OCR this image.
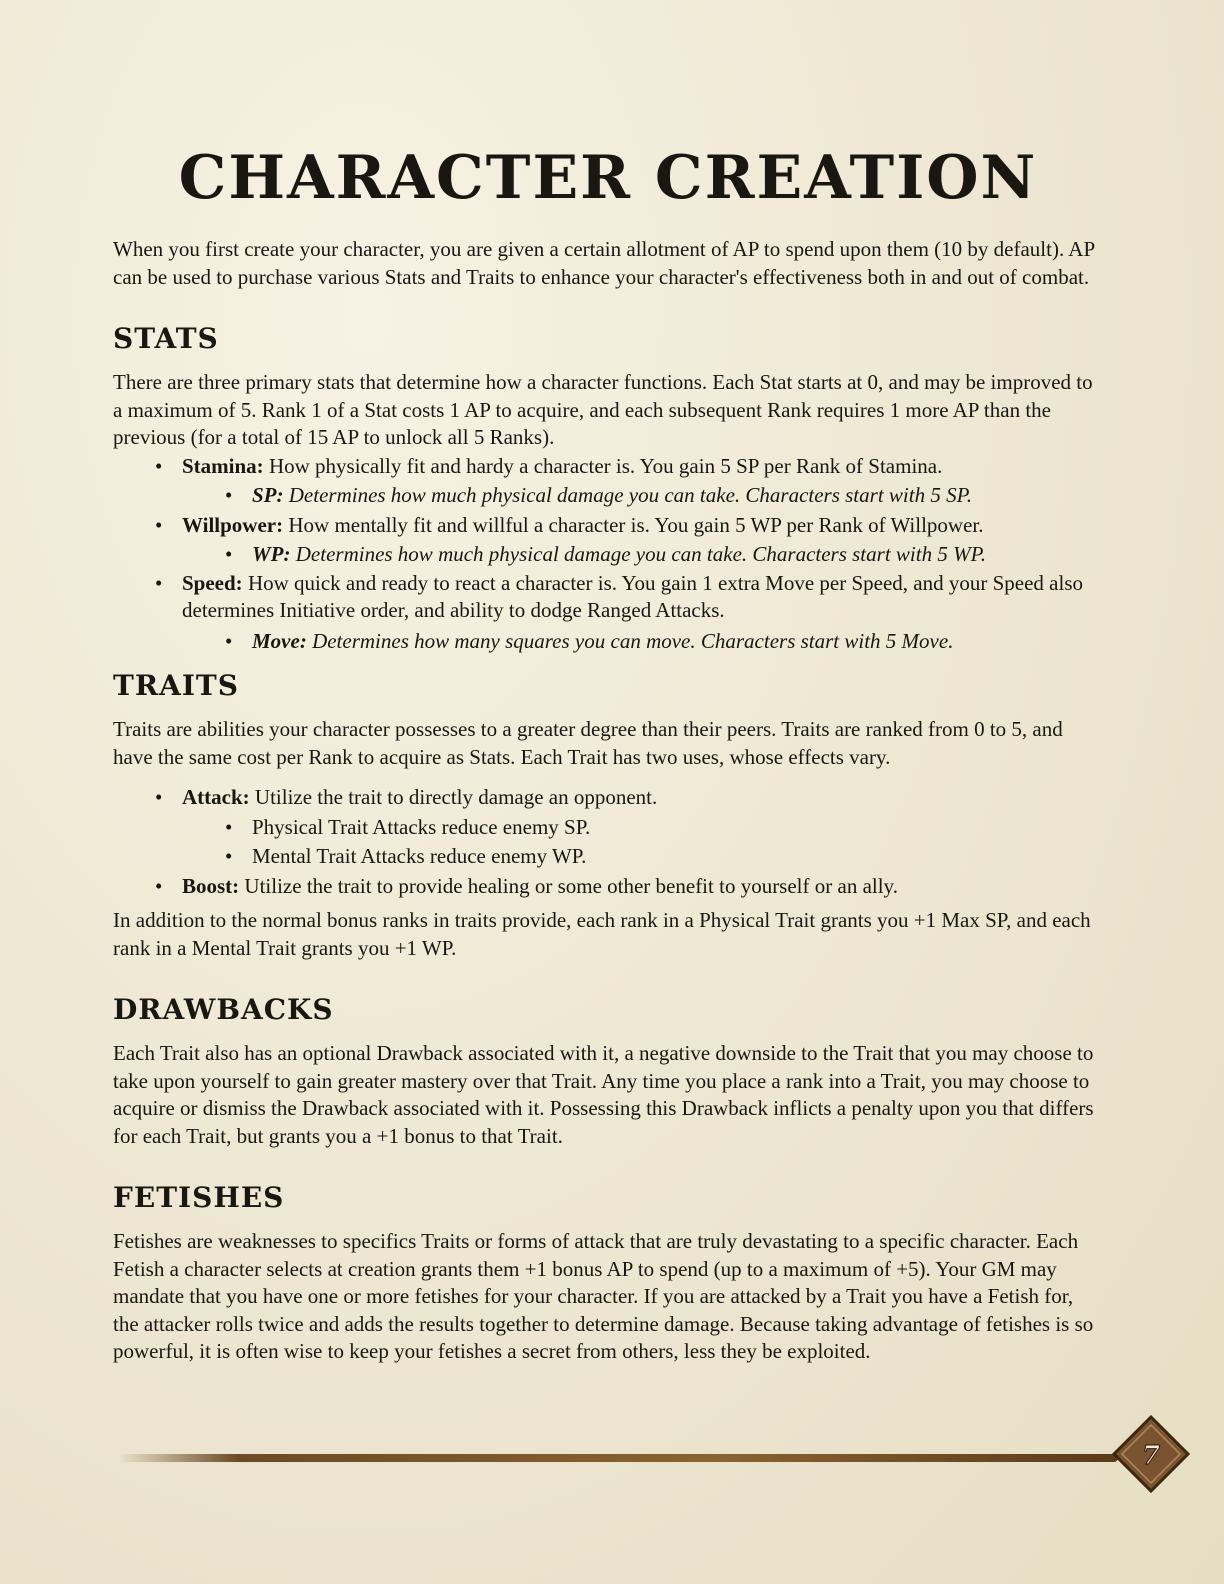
CHARACTER CREATION

When you first create your character, you are given a certain allotment of AP to spend upon them (10 by default). AP can be used to purchase various Stats and Traits to enhance your character's effectiveness both in and out of combat.

STATS

There are three primary stats that determine how a character functions. Each Stat starts at 0, and may be improved to a maximum of 5. Rank 1 of a Stat costs 1 AP to acquire, and each subsequent Rank requires 1 more AP than the previous (for a total of 15 AP to unlock all 5 Ranks).

• Stamina: How physically fit and hardy a character is. You gain 5 SP per Rank of Stamina.
• SP: Determines how much physical damage you can take. Characters start with 5 SP.
• Willpower: How mentally fit and willful a character is. You gain 5 WP per Rank of Willpower.
• WP: Determines how much physical damage you can take. Characters start with 5 WP.
• Speed: How quick and ready to react a character is. You gain 1 extra Move per Speed, and your Speed also determines Initiative order, and ability to dodge Ranged Attacks.
• Move: Determines how many squares you can move. Characters start with 5 Move.
TRAITS

Traits are abilities your character possesses to a greater degree than their peers. Traits are ranked from 0 to 5, and have the same cost per Rank to acquire as Stats. Each Trait has two uses, whose effects vary.

• Attack: Utilize the trait to directly damage an opponent.
• Physical Trait Attacks reduce enemy SP.
• Mental Trait Attacks reduce enemy WP.
• Boost: Utilize the trait to provide healing or some other benefit to yourself or an ally.

In addition to the normal bonus ranks in traits provide, each rank in a Physical Trait grants you +1 Max SP, and each rank in a Mental Trait grants you +1 WP.

DRAWBACKS

Each Trait also has an optional Drawback associated with it, a negative downside to the Trait that you may choose to take upon yourself to gain greater mastery over that Trait. Any time you place a rank into a Trait, you may choose to acquire or dismiss the Drawback associated with it. Possessing this Drawback inflicts a penalty upon you that differs for each Trait, but grants you a +1 bonus to that Trait.

FETISHES

Fetishes are weaknesses to specifics Traits or forms of attack that are truly devastating to a specific character. Each Fetish a character selects at creation grants them +1 bonus AP to spend (up to a maximum of +5). Your GM may mandate that you have one or more fetishes for your character. If you are attacked by a Trait you have a Fetish for, the attacker rolls twice and adds the results together to determine damage. Because taking advantage of fetishes is so powerful, it is often wise to keep your fetishes a secret from others, less they be exploited.

7
